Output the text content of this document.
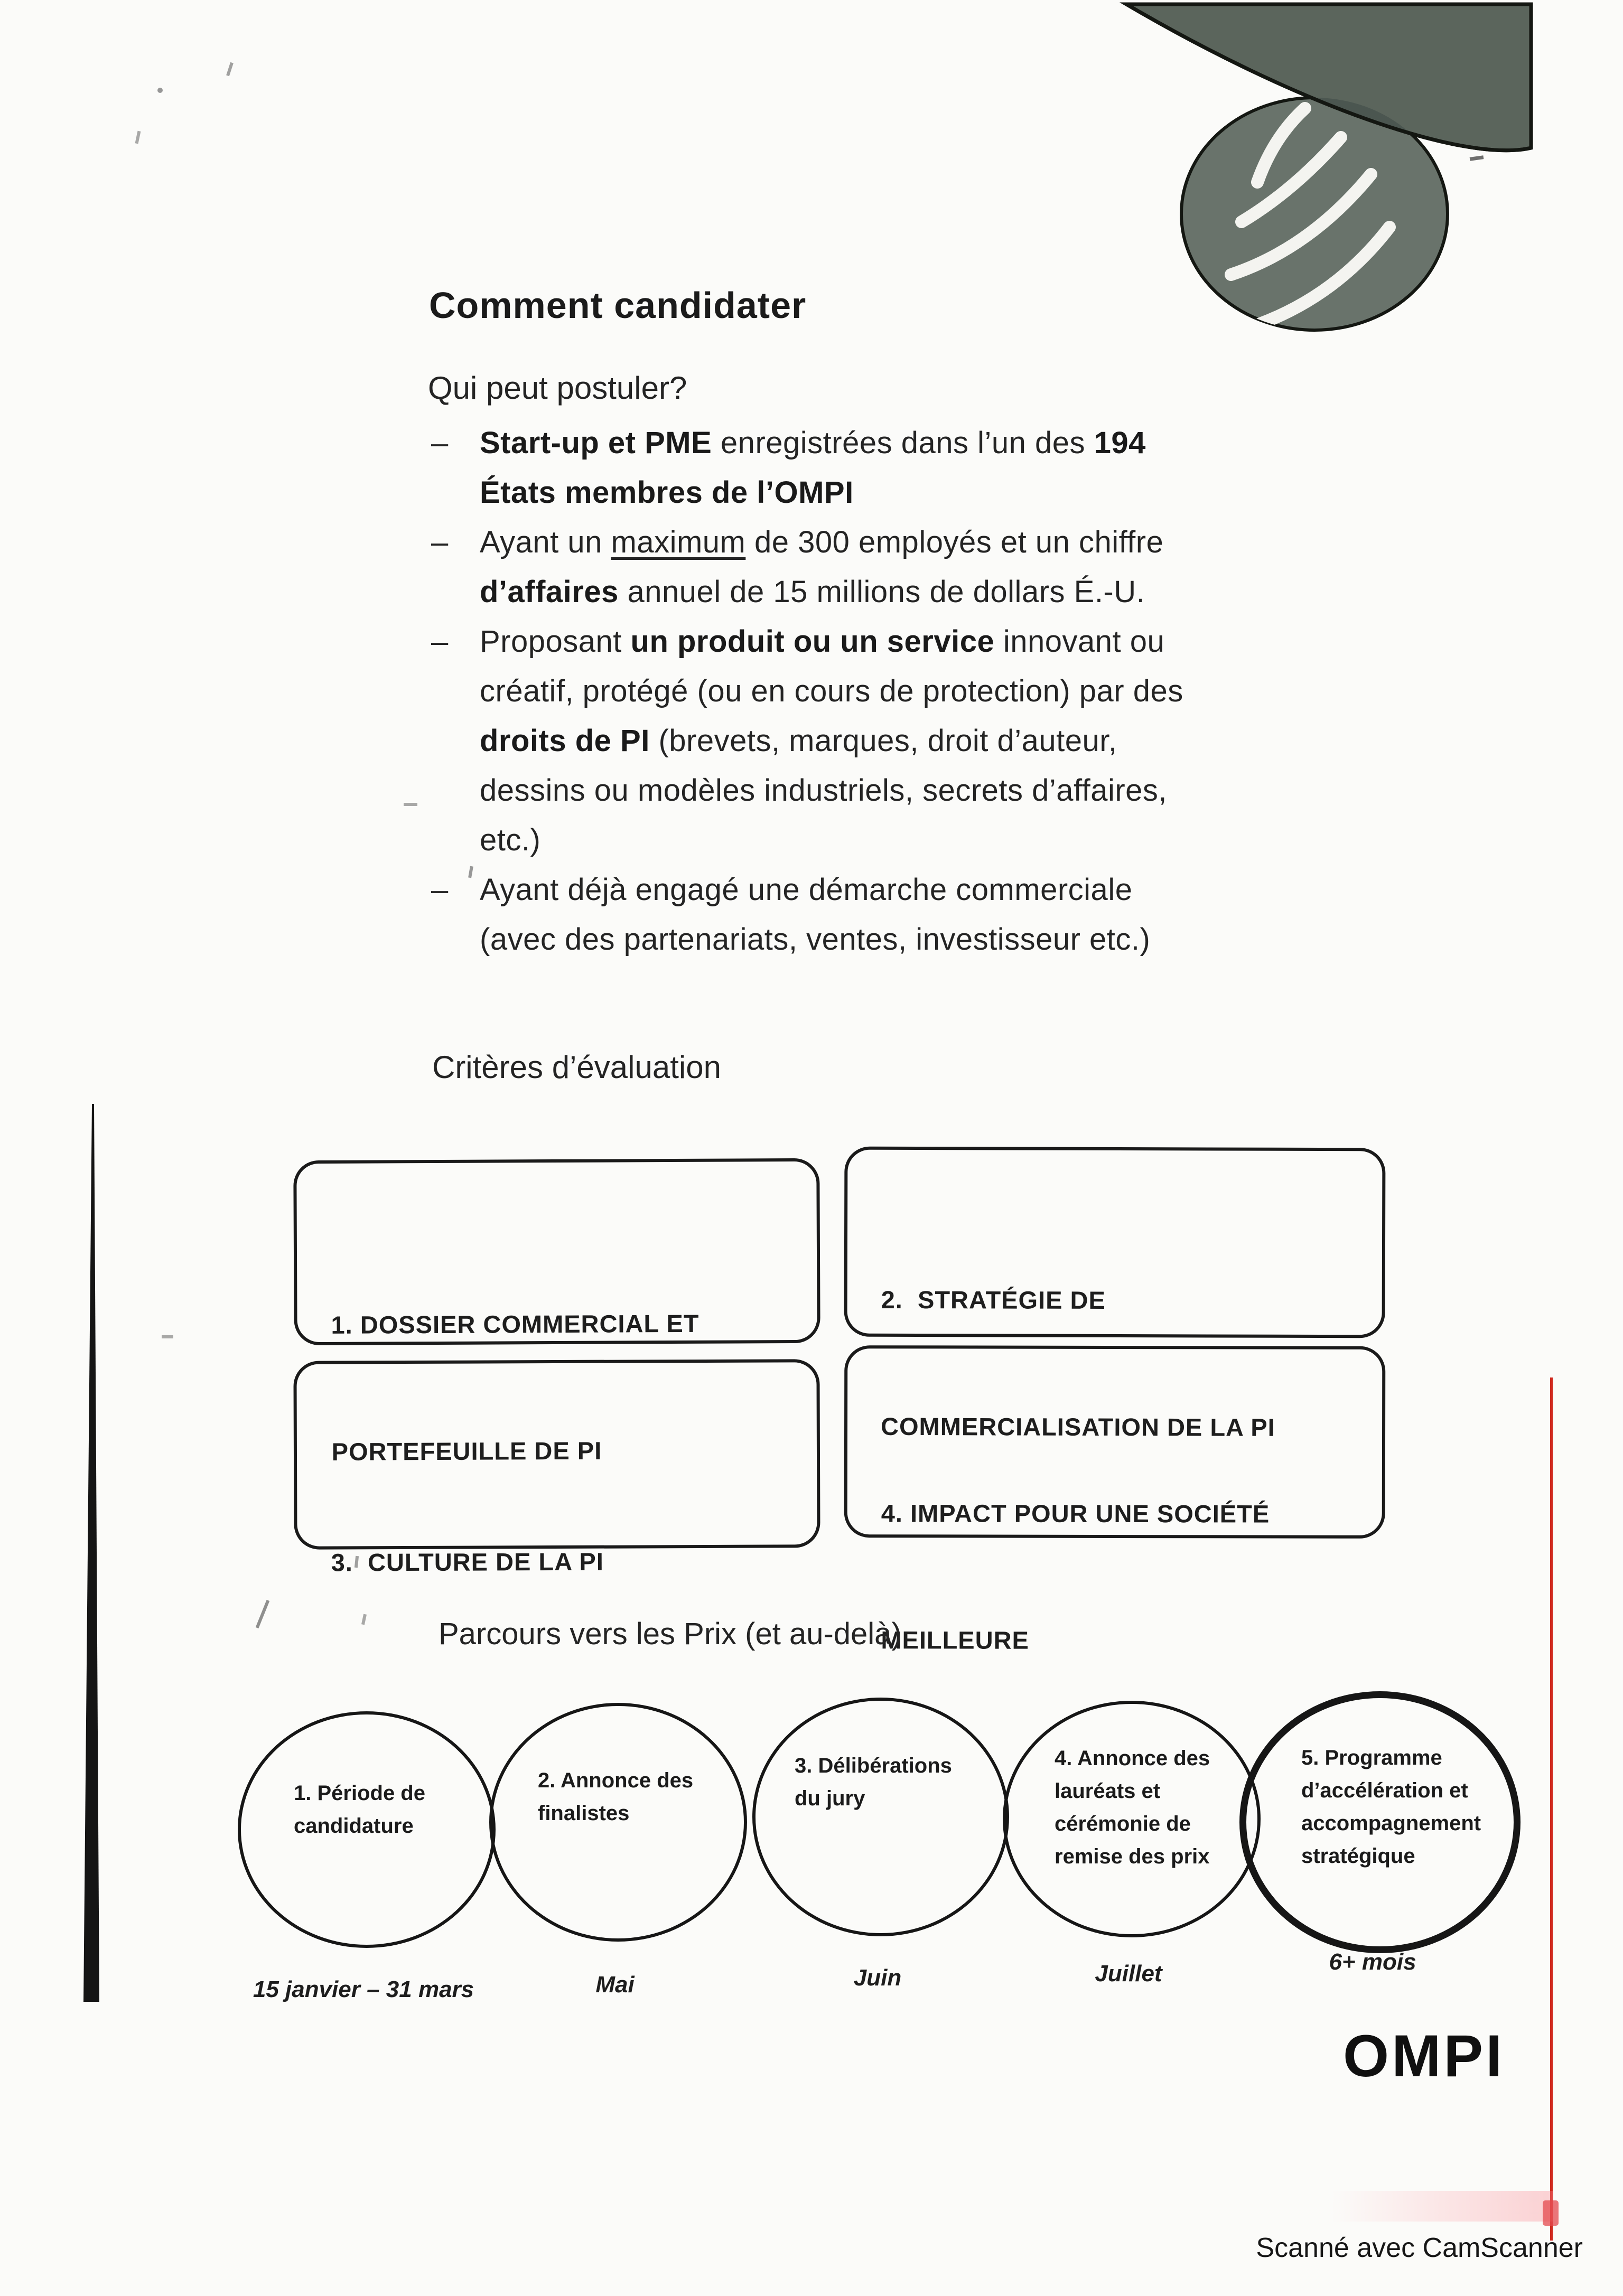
Comment candidater
Qui peut postuler?
– Start-up et PME enregistrées dans l’un des 194
États membres de l’OMPI
– Ayant un maximum de 300 employés et un chiffre
d’affaires annuel de 15 millions de dollars É.-U.
– Proposant un produit ou un service innovant ou
créatif, protégé (ou en cours de protection) par des
droits de PI (brevets, marques, droit d’auteur,
dessins ou modèles industriels, secrets d’affaires,
etc.)
– Ayant déjà engagé une démarche commerciale
(avec des partenariats, ventes, investisseur etc.)
Critères d’évaluation

1. DOSSIER COMMERCIAL ET

PORTEFEUILLE DE PI

2.  STRATÉGIE DE

COMMERCIALISATION DE LA PI

3.  CULTURE DE LA PI

4. IMPACT POUR UNE SOCIÉTÉ

MEILLEURE

Parcours vers les Prix (et au-delà)
1. Période de
candidature
2. Annonce des
finalistes
3. Délibérations
du jury
4. Annonce des
lauréats et
cérémonie de
remise des prix
5. Programme
d’accélération et
accompagnement
stratégique
15 janvier – 31 mars	Mai	Juin	Juillet	6+ mois
OMPI
Scanné avec CamScanner
